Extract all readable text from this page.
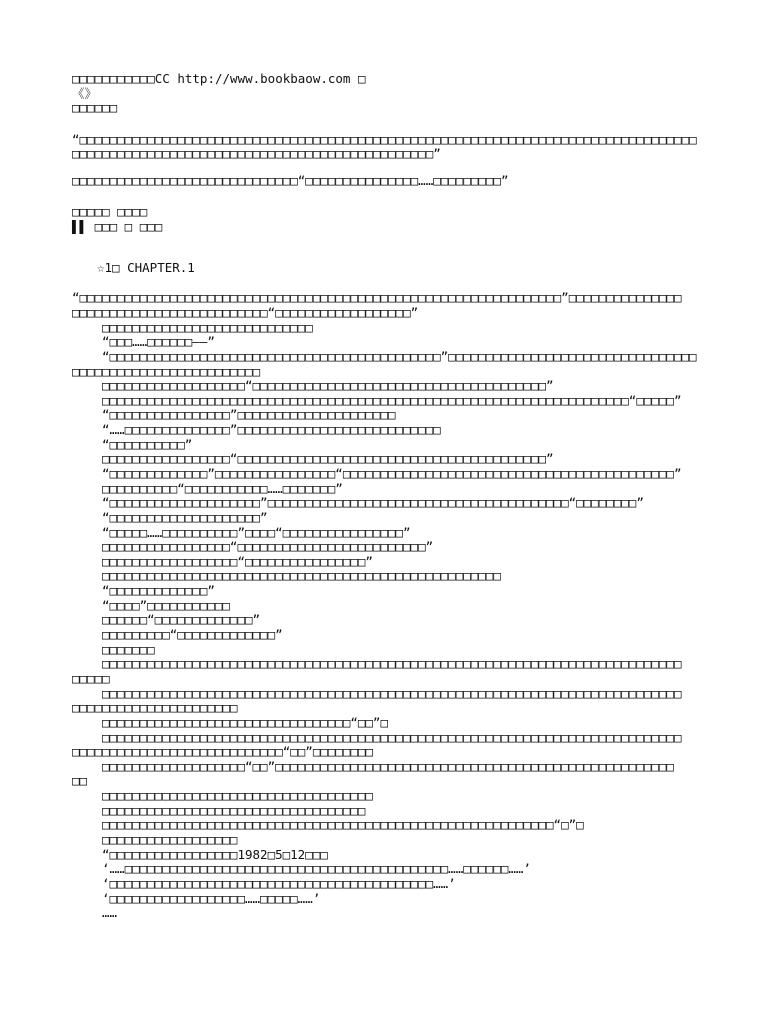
□□□□□□□□□□□CC http://www.bookbaow.com □
《》
□□□□□□
“□□□□□□□□□□□□□□□□□□□□□□□□□□□□□□□□□□□□□□□□□□□□□□□□□□□□□□□□□□□□□□□□□□□□□□□□□□□□□□□□□□
□□□□□□□□□□□□□□□□□□□□□□□□□□□□□□□□□□□□□□□□□□□□□□□□”
□□□□□□□□□□□□□□□□□□□□□□□□□□□□□□“□□□□□□□□□□□□□□□……□□□□□□□□□”
□□□□□ □□□□
▌▌ □□□ □ □□□
☆1□ CHAPTER.1
“□□□□□□□□□□□□□□□□□□□□□□□□□□□□□□□□□□□□□□□□□□□□□□□□□□□□□□□□□□□□□□□□”□□□□□□□□□□□□□□□
□□□□□□□□□□□□□□□□□□□□□□□□□□“□□□□□□□□□□□□□□□□□□”
□□□□□□□□□□□□□□□□□□□□□□□□□□□□
“□□□……□□□□□□——”
“□□□□□□□□□□□□□□□□□□□□□□□□□□□□□□□□□□□□□□□□□□□□”□□□□□□□□□□□□□□□□□□□□□□□□□□□□□□□□□
□□□□□□□□□□□□□□□□□□□□□□□□□
□□□□□□□□□□□□□□□□□□□“□□□□□□□□□□□□□□□□□□□□□□□□□□□□□□□□□□□□□□□”
□□□□□□□□□□□□□□□□□□□□□□□□□□□□□□□□□□□□□□□□□□□□□□□□□□□□□□□□□□□□□□□□□□□□□□“□□□□□”
“□□□□□□□□□□□□□□□□”□□□□□□□□□□□□□□□□□□□□□
“……□□□□□□□□□□□□□□”□□□□□□□□□□□□□□□□□□□□□□□□□□□
“□□□□□□□□□□”
□□□□□□□□□□□□□□□□□“□□□□□□□□□□□□□□□□□□□□□□□□□□□□□□□□□□□□□□□□□”
“□□□□□□□□□□□□□”□□□□□□□□□□□□□□□□“□□□□□□□□□□□□□□□□□□□□□□□□□□□□□□□□□□□□□□□□□□□□”
□□□□□□□□□□“□□□□□□□□□□□……□□□□□□□”
“□□□□□□□□□□□□□□□□□□□□”□□□□□□□□□□□□□□□□□□□□□□□□□□□□□□□□□□□□□□□□“□□□□□□□□”
“□□□□□□□□□□□□□□□□□□□□”
“□□□□□……□□□□□□□□□□”□□□□“□□□□□□□□□□□□□□□□”
□□□□□□□□□□□□□□□□□“□□□□□□□□□□□□□□□□□□□□□□□□□”
□□□□□□□□□□□□□□□□□□“□□□□□□□□□□□□□□□□”
□□□□□□□□□□□□□□□□□□□□□□□□□□□□□□□□□□□□□□□□□□□□□□□□□□□□□
“□□□□□□□□□□□□□”
“□□□□”□□□□□□□□□□□
□□□□□□“□□□□□□□□□□□□□”
□□□□□□□□□“□□□□□□□□□□□□□”
□□□□□□□
□□□□□□□□□□□□□□□□□□□□□□□□□□□□□□□□□□□□□□□□□□□□□□□□□□□□□□□□□□□□□□□□□□□□□□□□□□□□□
□□□□□
□□□□□□□□□□□□□□□□□□□□□□□□□□□□□□□□□□□□□□□□□□□□□□□□□□□□□□□□□□□□□□□□□□□□□□□□□□□□□
□□□□□□□□□□□□□□□□□□□□□□
□□□□□□□□□□□□□□□□□□□□□□□□□□□□□□□□□“□□”□
□□□□□□□□□□□□□□□□□□□□□□□□□□□□□□□□□□□□□□□□□□□□□□□□□□□□□□□□□□□□□□□□□□□□□□□□□□□□□
□□□□□□□□□□□□□□□□□□□□□□□□□□□□“□□”□□□□□□□□
□□□□□□□□□□□□□□□□□□□“□□”□□□□□□□□□□□□□□□□□□□□□□□□□□□□□□□□□□□□□□□□□□□□□□□□□□□□□
□□
□□□□□□□□□□□□□□□□□□□□□□□□□□□□□□□□□□□□
□□□□□□□□□□□□□□□□□□□□□□□□□□□□□□□□□□□
□□□□□□□□□□□□□□□□□□□□□□□□□□□□□□□□□□□□□□□□□□□□□□□□□□□□□□□□□□□□“□”□
□□□□□□□□□□□□□□□□□□
“□□□□□□□□□□□□□□□□□1982□5□12□□□
‘……□□□□□□□□□□□□□□□□□□□□□□□□□□□□□□□□□□□□□□□□□□□……□□□□□□……’
‘□□□□□□□□□□□□□□□□□□□□□□□□□□□□□□□□□□□□□□□□□□□……’
‘□□□□□□□□□□□□□□□□□□……□□□□□……’
……
